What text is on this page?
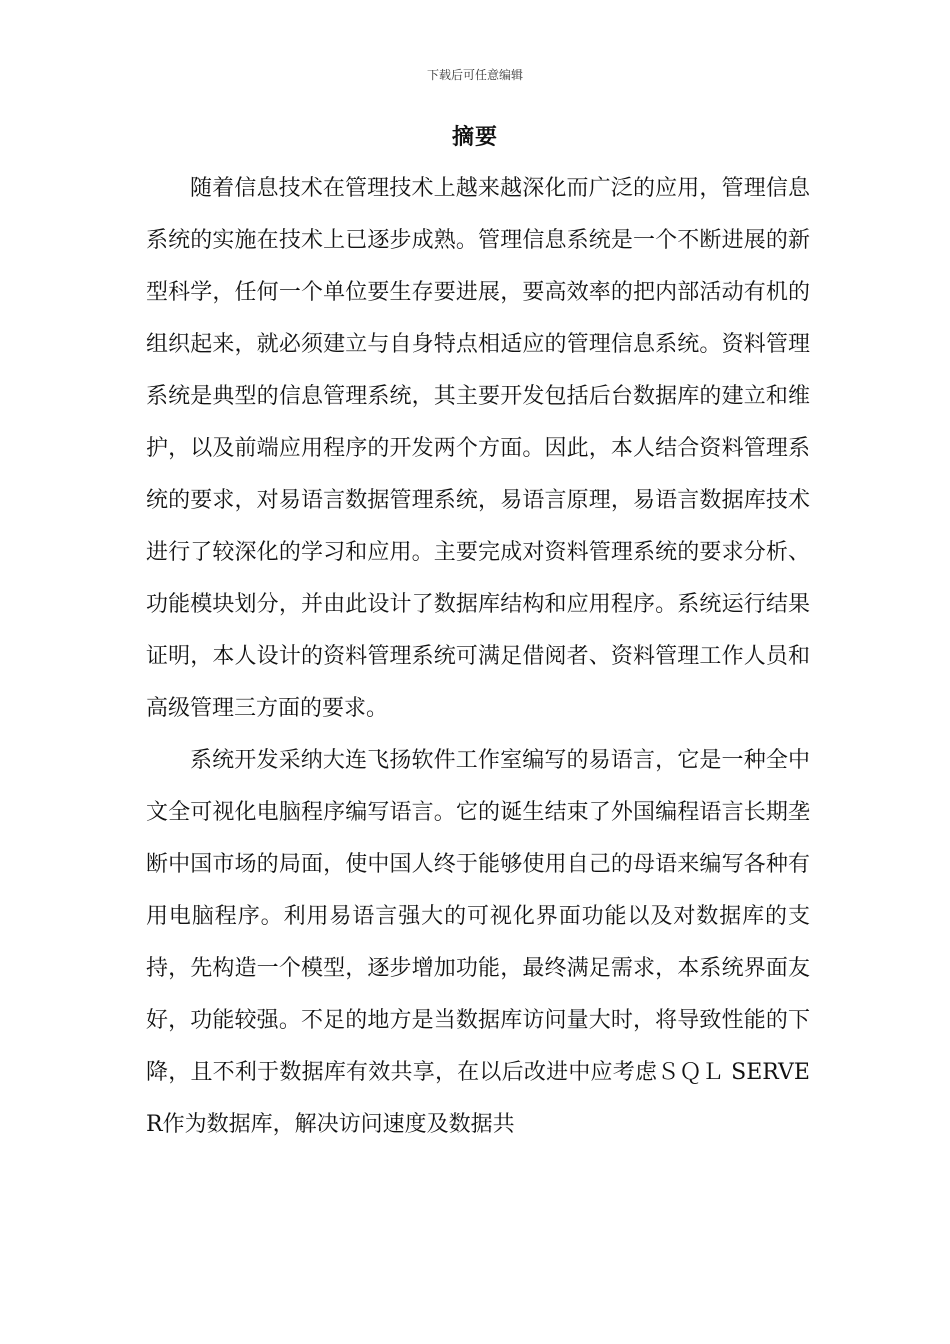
下载后可任意编辑
摘要

随着信息技术在管理技术上越来越深化而广泛的应用，管理信息系统的实施在技术上已逐步成熟。管理信息系统是一个不断进展的新型科学，任何一个单位要生存要进展，要高效率的把内部活动有机的组织起来，就必须建立与自身特点相适应的管理信息系统。资料管理系统是典型的信息管理系统，其主要开发包括后台数据库的建立和维护，以及前端应用程序的开发两个方面。因此，本人结合资料管理系统的要求，对易语言数据管理系统，易语言原理，易语言数据库技术进行了较深化的学习和应用。主要完成对资料管理系统的要求分析、功能模块划分，并由此设计了数据库结构和应用程序。系统运行结果证明，本人设计的资料管理系统可满足借阅者、资料管理工作人员和高级管理三方面的要求。

系统开发采纳大连飞扬软件工作室编写的易语言，它是一种全中文全可视化电脑程序编写语言。它的诞生结束了外国编程语言长期垄断中国市场的局面，使中国人终于能够使用自己的母语来编写各种有用电脑程序。利用易语言强大的可视化界面功能以及对数据库的支持，先构造一个模型，逐步增加功能，最终满足需求，本系统界面友好，功能较强。不足的地方是当数据库访问量大时，将导致性能的下降，且不利于数据库有效共享，在以后改进中应考虑ＳＱＬ SERVER作为数据库，解决访问速度及数据共
